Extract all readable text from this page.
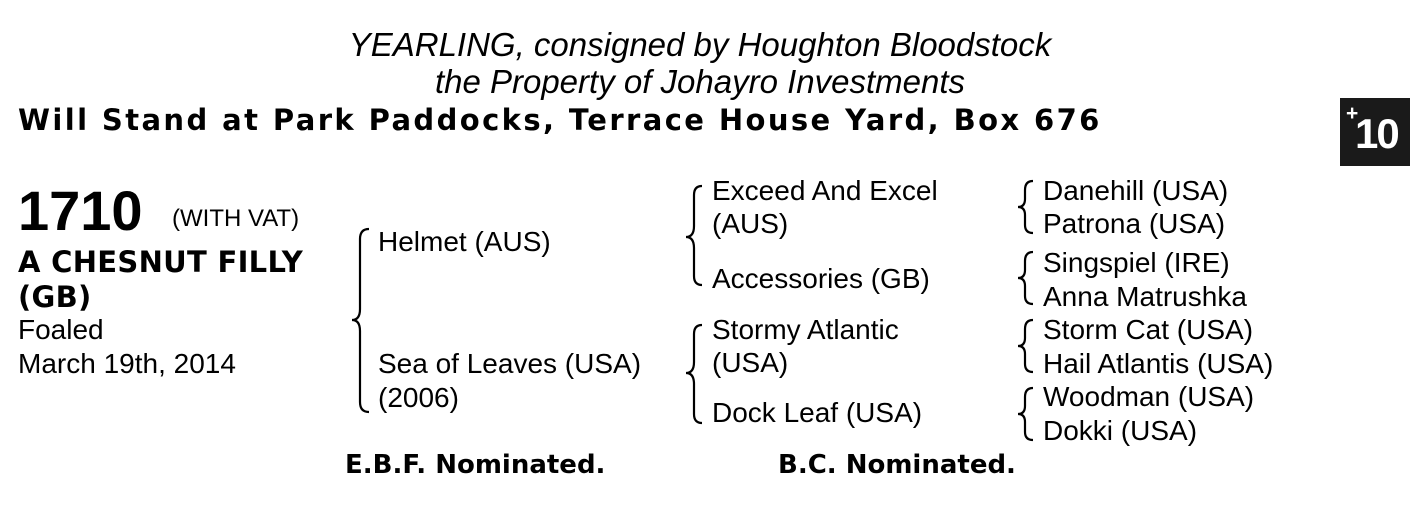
YEARLING, consigned by Houghton Bloodstock
the Property of Johayro Investments
Will Stand at Park Paddocks, Terrace House Yard, Box 676	+
10
1710 (WITH VAT)
A CHESNUT FILLY
(GB)
Foaled
March 19th, 2014
Helmet (AUS)
Sea of Leaves (USA)
(2006)
Exceed And Excel
(AUS)
Accessories (GB)
Stormy Atlantic
(USA)
Dock Leaf (USA)
Danehill (USA)
Patrona (USA)
Singspiel (IRE)
Anna Matrushka
Storm Cat (USA)
Hail Atlantis (USA)
Woodman (USA)
Dokki (USA)
E.B.F. Nominated.	B.C. Nominated.
